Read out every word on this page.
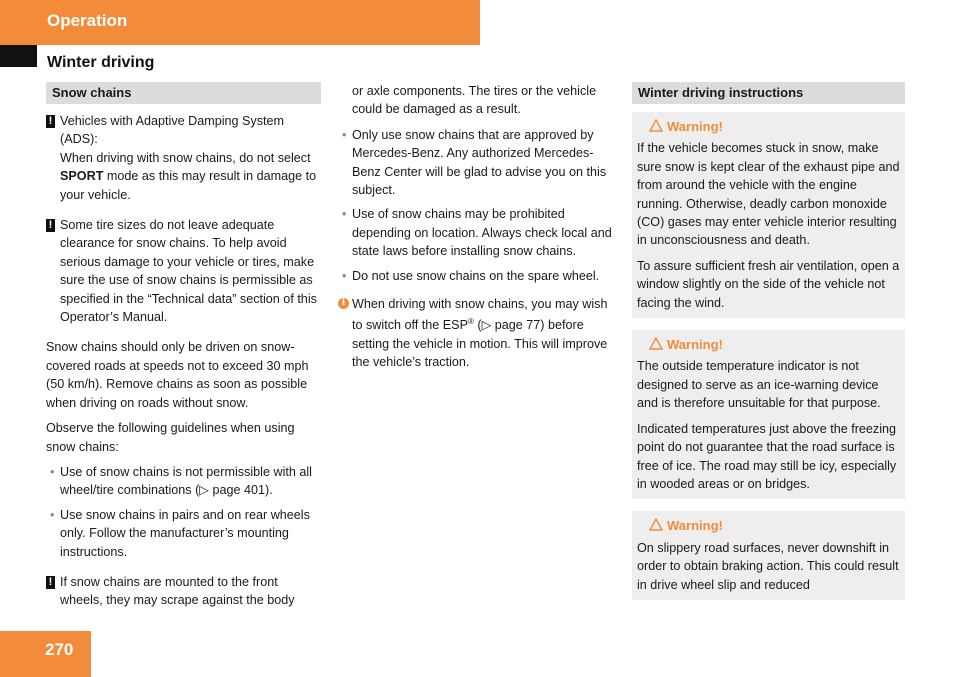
Operation
Winter driving
Snow chains
! Vehicles with Adaptive Damping System (ADS):
When driving with snow chains, do not select SPORT mode as this may result in damage to your vehicle.
! Some tire sizes do not leave adequate clearance for snow chains. To help avoid serious damage to your vehicle or tires, make sure the use of snow chains is permissible as specified in the “Technical data” section of this Operator’s Manual.

Snow chains should only be driven on snow-covered roads at speeds not to exceed 30 mph (50 km/h). Remove chains as soon as possible when driving on roads without snow.

Observe the following guidelines when using snow chains:

• Use of snow chains is not permissible with all wheel/tire combinations (▷ page 401).
• Use snow chains in pairs and on rear wheels only. Follow the manufacturer’s mounting instructions.
! If snow chains are mounted to the front wheels, they may scrape against the body

or axle components. The tires or the vehicle could be damaged as a result.

• Only use snow chains that are approved by Mercedes-Benz. Any authorized Mercedes-Benz Center will be glad to advise you on this subject.
• Use of snow chains may be prohibited depending on location. Always check local and state laws before installing snow chains.
• Do not use snow chains on the spare wheel.
i When driving with snow chains, you may wish to switch off the ESP® (▷ page 77) before setting the vehicle in motion. This will improve the vehicle’s traction.
Winter driving instructions
Warning!

If the vehicle becomes stuck in snow, make sure snow is kept clear of the exhaust pipe and from around the vehicle with the engine running. Otherwise, deadly carbon monoxide (CO) gases may enter vehicle interior resulting in unconsciousness and death.

To assure sufficient fresh air ventilation, open a window slightly on the side of the vehicle not facing the wind.

Warning!

The outside temperature indicator is not designed to serve as an ice-warning device and is therefore unsuitable for that purpose.

Indicated temperatures just above the freezing point do not guarantee that the road surface is free of ice. The road may still be icy, especially in wooded areas or on bridges.

Warning!

On slippery road surfaces, never downshift in order to obtain braking action. This could result in drive wheel slip and reduced

270
